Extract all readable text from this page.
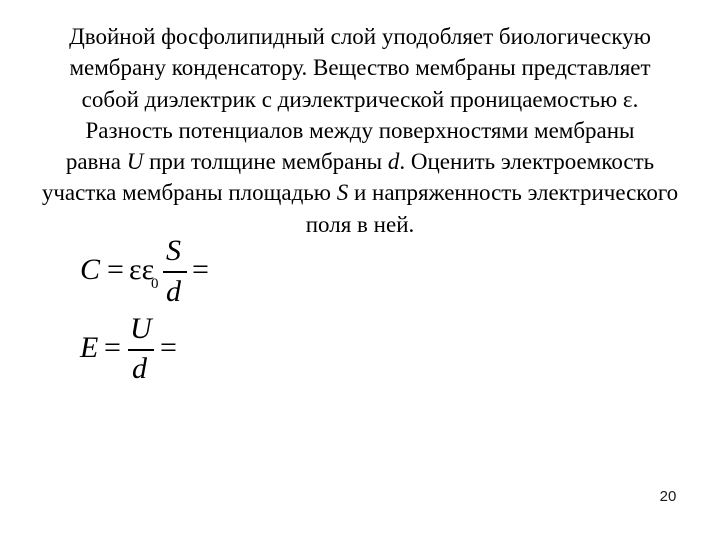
Двойной фосфолипидный слой уподобляет биологическую
мембрану конденсатору. Вещество мембраны представляет
собой диэлектрик с диэлектрической проницаемостью ε.
Разность потенциалов между поверхностями мембраны
равна U при толщине мембраны d. Оценить электроемкость
участка мембраны площадью S и напряженность электрического
поля в ней.
C = εε
0
S
d
=
E =
U
d
=
20
